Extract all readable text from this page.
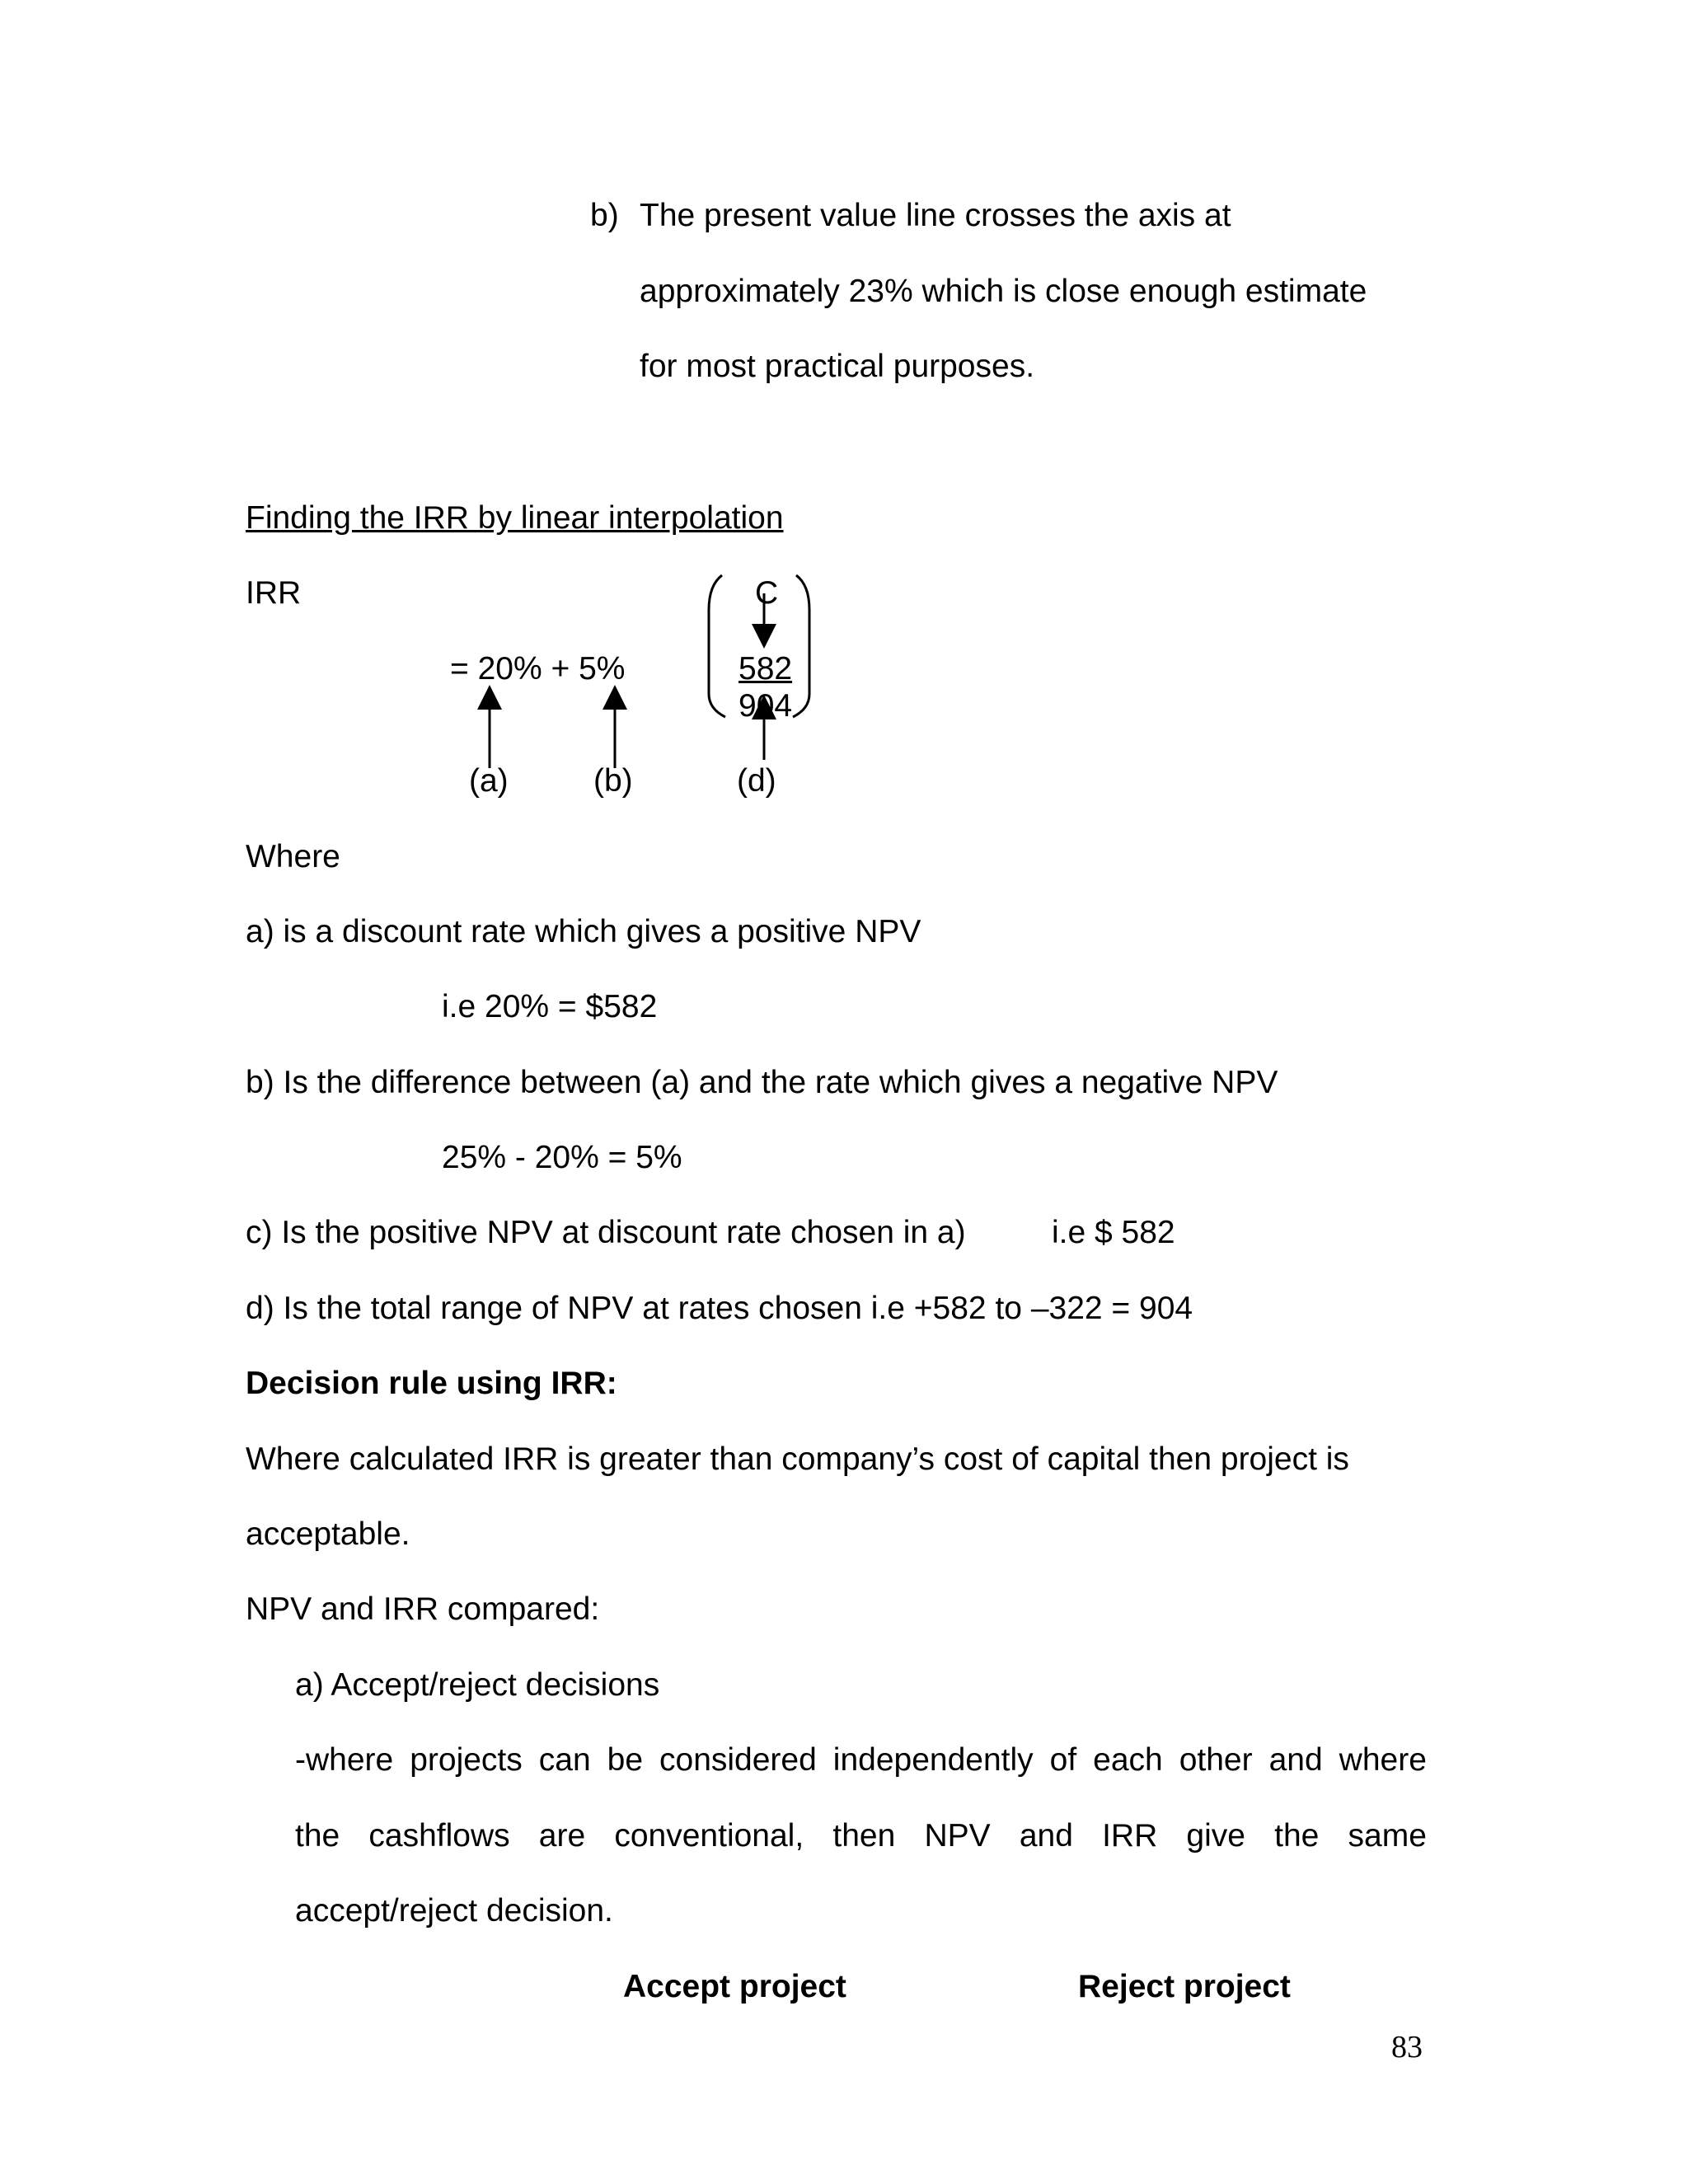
b) The present value line crosses the axis at
approximately 23% which is close enough estimate
for most practical purposes.
Finding the IRR by linear interpolation
IRR
= 20% + 5%
C
582
904
(a)	(b)	(d)
Where
a) is a discount rate which gives a positive NPV
i.e 20% = $582
b) Is the difference between (a) and the rate which gives a negative NPV
25% - 20% = 5%
c) Is the positive NPV at discount rate chosen in a)	i.e $ 582
d) Is the total range of NPV at rates chosen i.e +582 to –322 = 904
Decision rule using IRR:
Where calculated IRR is greater than company’s cost of capital then project is
acceptable.
NPV and IRR compared:
a) Accept/reject decisions
-where projects can be considered independently of each other and where
the cashflows are conventional, then NPV and IRR give the same
accept/reject decision.
Accept project	Reject project
83
